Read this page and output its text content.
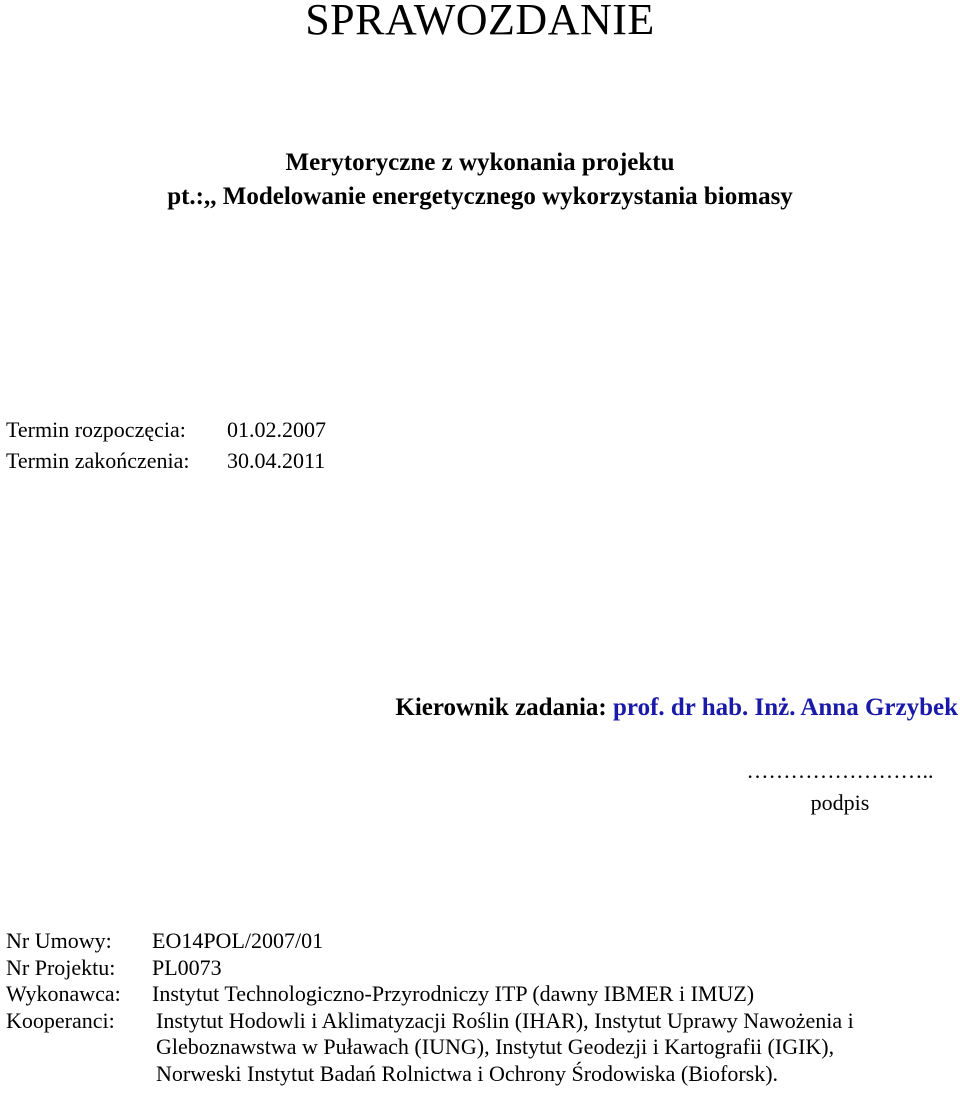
SPRAWOZDANIE
Merytoryczne z wykonania projektu
pt.:,, Modelowanie energetycznego wykorzystania biomasy
Termin rozpoczęcia:	01.02.2007
Termin zakończenia:	30.04.2011
Kierownik zadania: prof. dr hab. Inż. Anna Grzybek
……………………..
podpis
Nr Umowy:	EO14POL/2007/01
Nr Projektu:	PL0073
Wykonawca:	Instytut Technologiczno-Przyrodniczy ITP (dawny IBMER i IMUZ)
Kooperanci:	Instytut Hodowli i Aklimatyzacji Roślin (IHAR), Instytut Uprawy Nawożenia i
Gleboznawstwa w Puławach (IUNG), Instytut Geodezji i Kartografii (IGIK),
Norweski Instytut Badań Rolnictwa i Ochrony Środowiska (Bioforsk).
